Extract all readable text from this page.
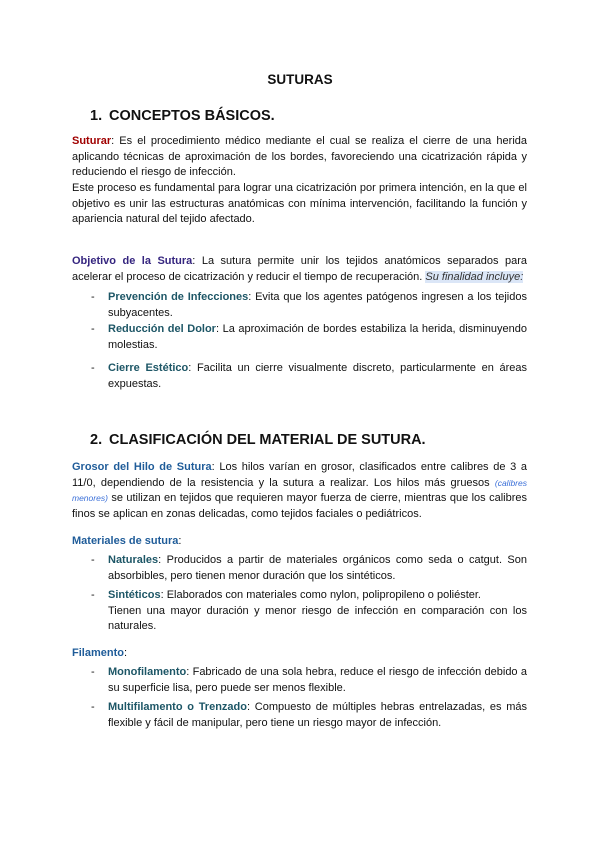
SUTURAS
1. CONCEPTOS BÁSICOS.
Suturar: Es el procedimiento médico mediante el cual se realiza el cierre de una herida aplicando técnicas de aproximación de los bordes, favoreciendo una cicatrización rápida y reduciendo el riesgo de infección.
Este proceso es fundamental para lograr una cicatrización por primera intención, en la que el objetivo es unir las estructuras anatómicas con mínima intervención, facilitando la función y apariencia natural del tejido afectado.
Objetivo de la Sutura: La sutura permite unir los tejidos anatómicos separados para acelerar el proceso de cicatrización y reducir el tiempo de recuperación. Su finalidad incluye:
- Prevención de Infecciones: Evita que los agentes patógenos ingresen a los tejidos subyacentes.
- Reducción del Dolor: La aproximación de bordes estabiliza la herida, disminuyendo molestias.
- Cierre Estético: Facilita un cierre visualmente discreto, particularmente en áreas expuestas.
2. CLASIFICACIÓN DEL MATERIAL DE SUTURA.
Grosor del Hilo de Sutura: Los hilos varían en grosor, clasificados entre calibres de 3 a 11/0, dependiendo de la resistencia y la sutura a realizar. Los hilos más gruesos (calibres menores) se utilizan en tejidos que requieren mayor fuerza de cierre, mientras que los calibres finos se aplican en zonas delicadas, como tejidos faciales o pediátricos.
Materiales de sutura:
- Naturales: Producidos a partir de materiales orgánicos como seda o catgut. Son absorbibles, pero tienen menor duración que los sintéticos.
- Sintéticos: Elaborados con materiales como nylon, polipropileno o poliéster.
Tienen una mayor duración y menor riesgo de infección en comparación con los naturales.
Filamento:
- Monofilamento: Fabricado de una sola hebra, reduce el riesgo de infección debido a su superficie lisa, pero puede ser menos flexible.
- Multifilamento o Trenzado: Compuesto de múltiples hebras entrelazadas, es más flexible y fácil de manipular, pero tiene un riesgo mayor de infección.
